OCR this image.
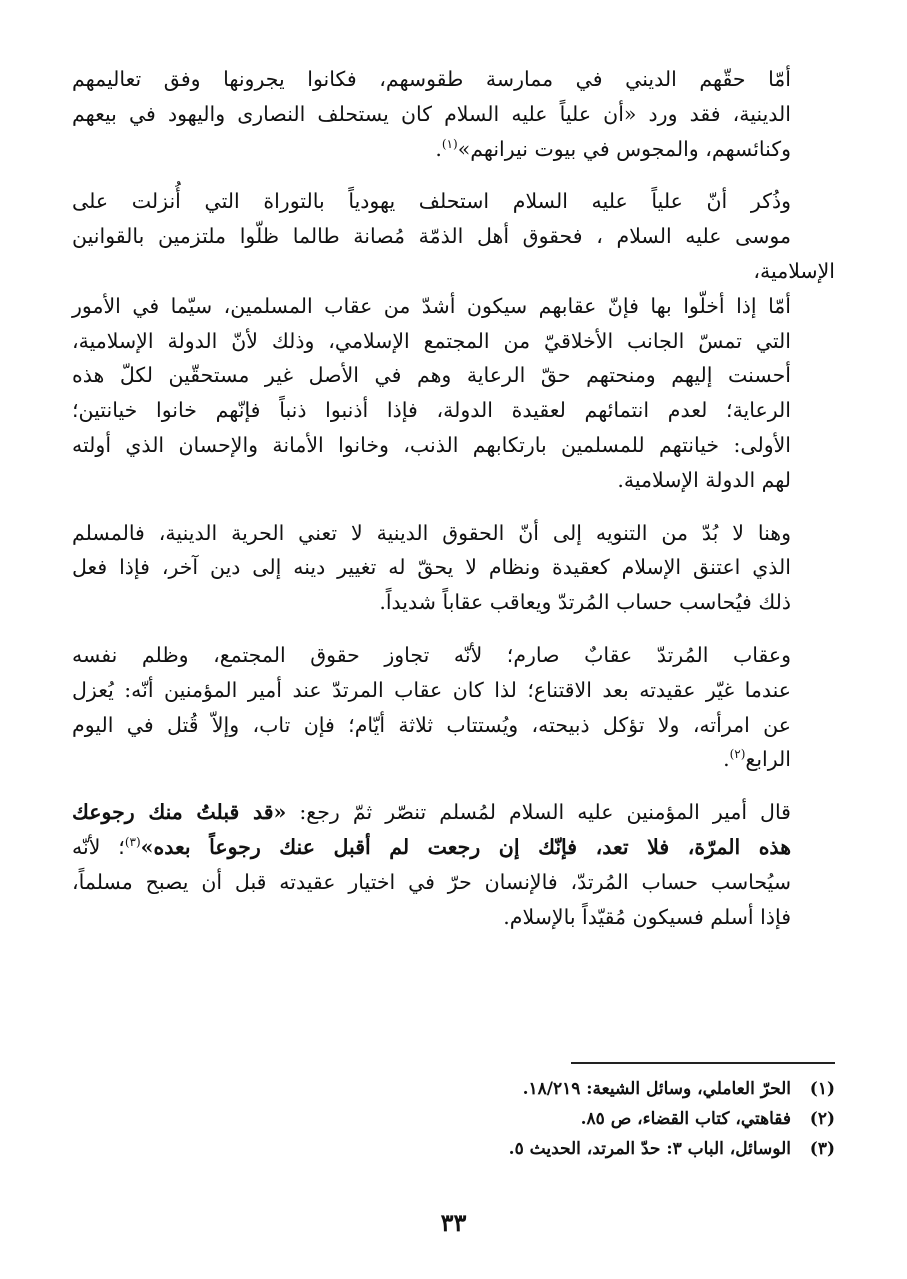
أمّا حقّهم الديني في ممارسة طقوسهم، فكانوا يجرونها وفق تعاليمهم
الدينية، فقد ورد «أن علياً عليه السلام كان يستحلف النصارى واليهود في بيعهم
وكنائسهم، والمجوس في بيوت نيرانهم»$^{(١)}$.

وذُكر أنّ علياً عليه السلام استحلف يهودياً بالتوراة التي أُنزلت على
موسى عليه السلام ، فحقوق أهل الذمّة مُصانة طالما ظلّوا ملتزمين بالقوانين الإسلامية،
أمّا إذا أخلّوا بها فإنّ عقابهم سيكون أشدّ من عقاب المسلمين، سيّما في الأمور
التي تمسّ الجانب الأخلاقيّ من المجتمع الإسلامي، وذلك لأنّ الدولة الإسلامية،
أحسنت إليهم ومنحتهم حقّ الرعاية وهم في الأصل غير مستحقّين لكلّ هذه
الرعاية؛ لعدم انتمائهم لعقيدة الدولة، فإذا أذنبوا ذنباً فإنّهم خانوا خيانتين؛
الأولى: خيانتهم للمسلمين بارتكابهم الذنب، وخانوا الأمانة والإحسان الذي أولته
لهم الدولة الإسلامية.

وهنا لا بُدّ من التنويه إلى أنّ الحقوق الدينية لا تعني الحرية الدينية، فالمسلم
الذي اعتنق الإسلام كعقيدة ونظام لا يحقّ له تغيير دينه إلى دين آخر، فإذا فعل
ذلك فيُحاسب حساب المُرتدّ ويعاقب عقاباً شديداً.

وعقاب المُرتدّ عقابٌ صارم؛ لأنّه تجاوز حقوق المجتمع، وظلم نفسه
عندما غيّر عقيدته بعد الاقتناع؛ لذا كان عقاب المرتدّ عند أمير المؤمنين أنّه: يُعزل
عن امرأته، ولا تؤكل ذبيحته، ويُستتاب ثلاثة أيّام؛ فإن تاب، وإلاّ قُتل في اليوم
الرابع$^{(٢)}$.

قال أمير المؤمنين عليه السلام لمُسلم تنصّر ثمّ رجع: «قد قبلتُ منك رجوعك
هذه المرّة، فلا تعد، فإنّك إن رجعت لم أقبل عنك رجوعاً بعده»$^{(٣)}$؛ لأنّه
سيُحاسب حساب المُرتدّ، فالإنسان حرّ في اختيار عقيدته قبل أن يصبح مسلماً،
فإذا أسلم فسيكون مُقيّداً بالإسلام.

(١)الحرّ العاملي، وسائل الشيعة: ١٨/٢١٩.
(٢)فقاهتي، كتاب القضاء، ص ٨٥.
(٣)الوسائل، الباب ٣: حدّ المرتد، الحديث ٥.
٣٣
